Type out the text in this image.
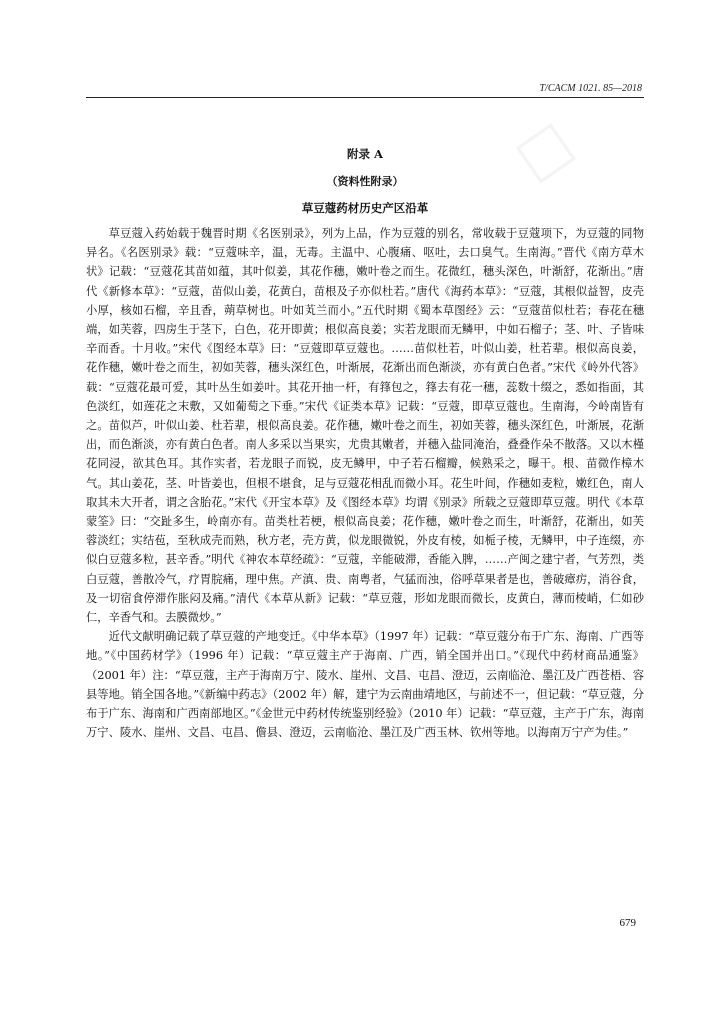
T/CACM 1021. 85—2018
附录 A
（资料性附录）
草豆蔻药材历史产区沿革

草豆蔻入药始载于魏晋时期《名医别录》，列为上品，作为豆蔻的别名，常收载于豆蔻项下，为豆蔻的同物异名。《名医别录》载：“豆蔻味辛，温，无毒。主温中、心腹痛、呕吐，去口臭气。生南海。”晋代《南方草木状》记载：“豆蔻花其苗如蕴，其叶似姜，其花作穗，嫩叶卷之而生。花微红，穗头深色，叶渐舒，花渐出。”唐代《新修本草》：“豆蔻，苗似山姜，花黄白，苗根及子亦似杜若。”唐代《海药本草》：“豆蔻，其根似益智，皮壳小厚，核如石榴，辛且香，蒴草树也。叶如芄兰而小。”五代时期《蜀本草图经》云：“豆蔻苗似杜若；春花在穗端，如芙蓉，四房生于茎下，白色，花开即黄；根似高良姜；实若龙眼而无鳞甲，中如石榴子；茎、叶、子皆味辛而香。十月收。”宋代《图经本草》曰：“豆蔻即草豆蔻也。……苗似杜若，叶似山姜，杜若辈。根似高良姜，花作穗，嫩叶卷之而生，初如芙蓉，穗头深红色，叶渐展，花渐出而色渐淡，亦有黄白色者。”宋代《岭外代答》载：“豆蔻花最可爱，其叶丛生如姜叶。其花开抽一杆，有箨包之，箨去有花一穗，蕊数十缀之，悉如指面，其色淡红，如莲花之末敷，又如葡萄之下垂。”宋代《证类本草》记载：“豆蔻，即草豆蔻也。生南海，今岭南皆有之。苗似芦，叶似山姜、杜若辈，根似高良姜。花作穗，嫩叶卷之而生，初如芙蓉，穗头深红色，叶渐展，花渐出，而色渐淡，亦有黄白色者。南人多采以当果实，尤贵其嫩者，并穗入盐同淹治，叠叠作朵不散落。又以木槿花同浸，欲其色耳。其作实者，若龙眼子而锐，皮无鳞甲，中子若石榴瓣，候熟采之，曝干。根、苗微作樟木气。其山姜花，茎、叶皆姜也，但根不堪食，足与豆蔻花相乱而微小耳。花生叶间，作穗如麦粒，嫩红色，南人取其未大开者，谓之含胎花。”宋代《开宝本草》及《图经本草》均谓《别录》所载之豆蔻即草豆蔻。明代《本草蒙筌》曰：“交趾多生，岭南亦有。苗类杜若梗，根似高良姜；花作穗，嫩叶卷之而生，叶渐舒，花渐出，如芙蓉淡红；实结苞，至秋成壳而熟，秋方老，壳方黄，似龙眼微锐，外皮有棱，如栀子棱，无鳞甲，中子连缀，亦似白豆蔻多粒，甚辛香。”明代《神农本草经疏》：“豆蔻，辛能破滞，香能入脾，……产闽之建宁者，气芳烈，类白豆蔻，善散冷气，疗胃脘痛，理中焦。产滇、贵、南粤者，气猛而浊，俗呼草果者是也，善破瘴疠，消谷食，及一切宿食停滞作胀闷及痛。”清代《本草从新》记载：“草豆蔻，形如龙眼而微长，皮黄白，薄而棱峭，仁如砂仁，辛香气和。去膜微炒。”

近代文献明确记载了草豆蔻的产地变迁。《中华本草》（1997 年）记载：“草豆蔻分布于广东、海南、广西等地。”《中国药材学》（1996 年）记载：“草豆蔻主产于海南、广西，销全国并出口。”《现代中药材商品通鉴》（2001 年）注：“草豆蔻，主产于海南万宁、陵水、崖州、文昌、屯昌、澄迈，云南临沧、墨江及广西苍梧、容县等地。销全国各地。”《新编中药志》（2002 年）解，建宁为云南曲靖地区，与前述不一，但记载：“草豆蔻，分布于广东、海南和广西南部地区。”《金世元中药材传统鉴别经验》（2010 年）记载：“草豆蔻，主产于广东，海南万宁、陵水、崖州、文昌、屯昌、儋县、澄迈，云南临沧、墨江及广西玉林、钦州等地。以海南万宁产为佳。”

679
